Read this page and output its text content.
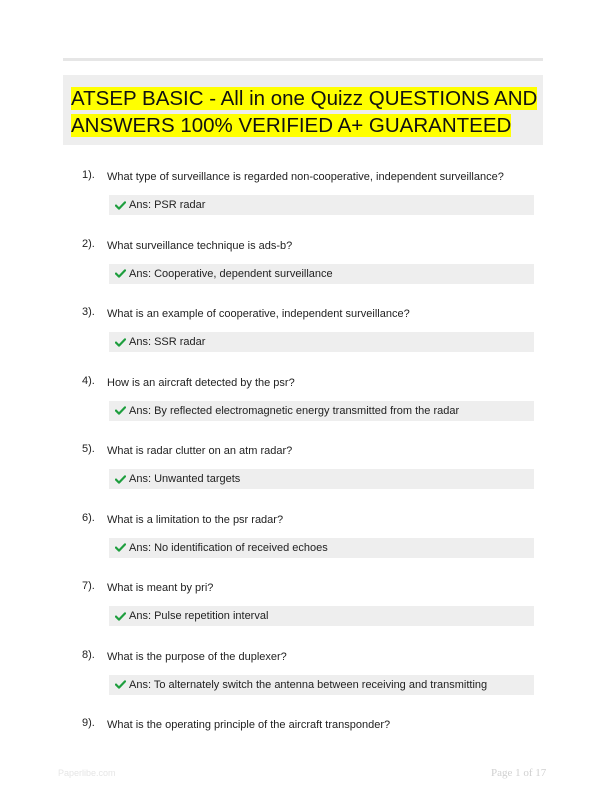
ATSEP BASIC - All in one Quizz QUESTIONS AND
ANSWERS 100% VERIFIED A+ GUARANTEED

1). What type of surveillance is regarded non-cooperative, independent surveillance?
Ans: PSR radar
2). What surveillance technique is ads-b?
Ans: Cooperative, dependent surveillance
3). What is an example of cooperative, independent surveillance?
Ans: SSR radar
4). How is an aircraft detected by the psr?
Ans: By reflected electromagnetic energy transmitted from the radar
5). What is radar clutter on an atm radar?
Ans: Unwanted targets
6). What is a limitation to the psr radar?
Ans: No identification of received echoes
7). What is meant by pri?
Ans: Pulse repetition interval
8). What is the purpose of the duplexer?
Ans: To alternately switch the antenna between receiving and transmitting
9). What is the operating principle of the aircraft transponder?
Paperlibe.com	Page 1 of 17
